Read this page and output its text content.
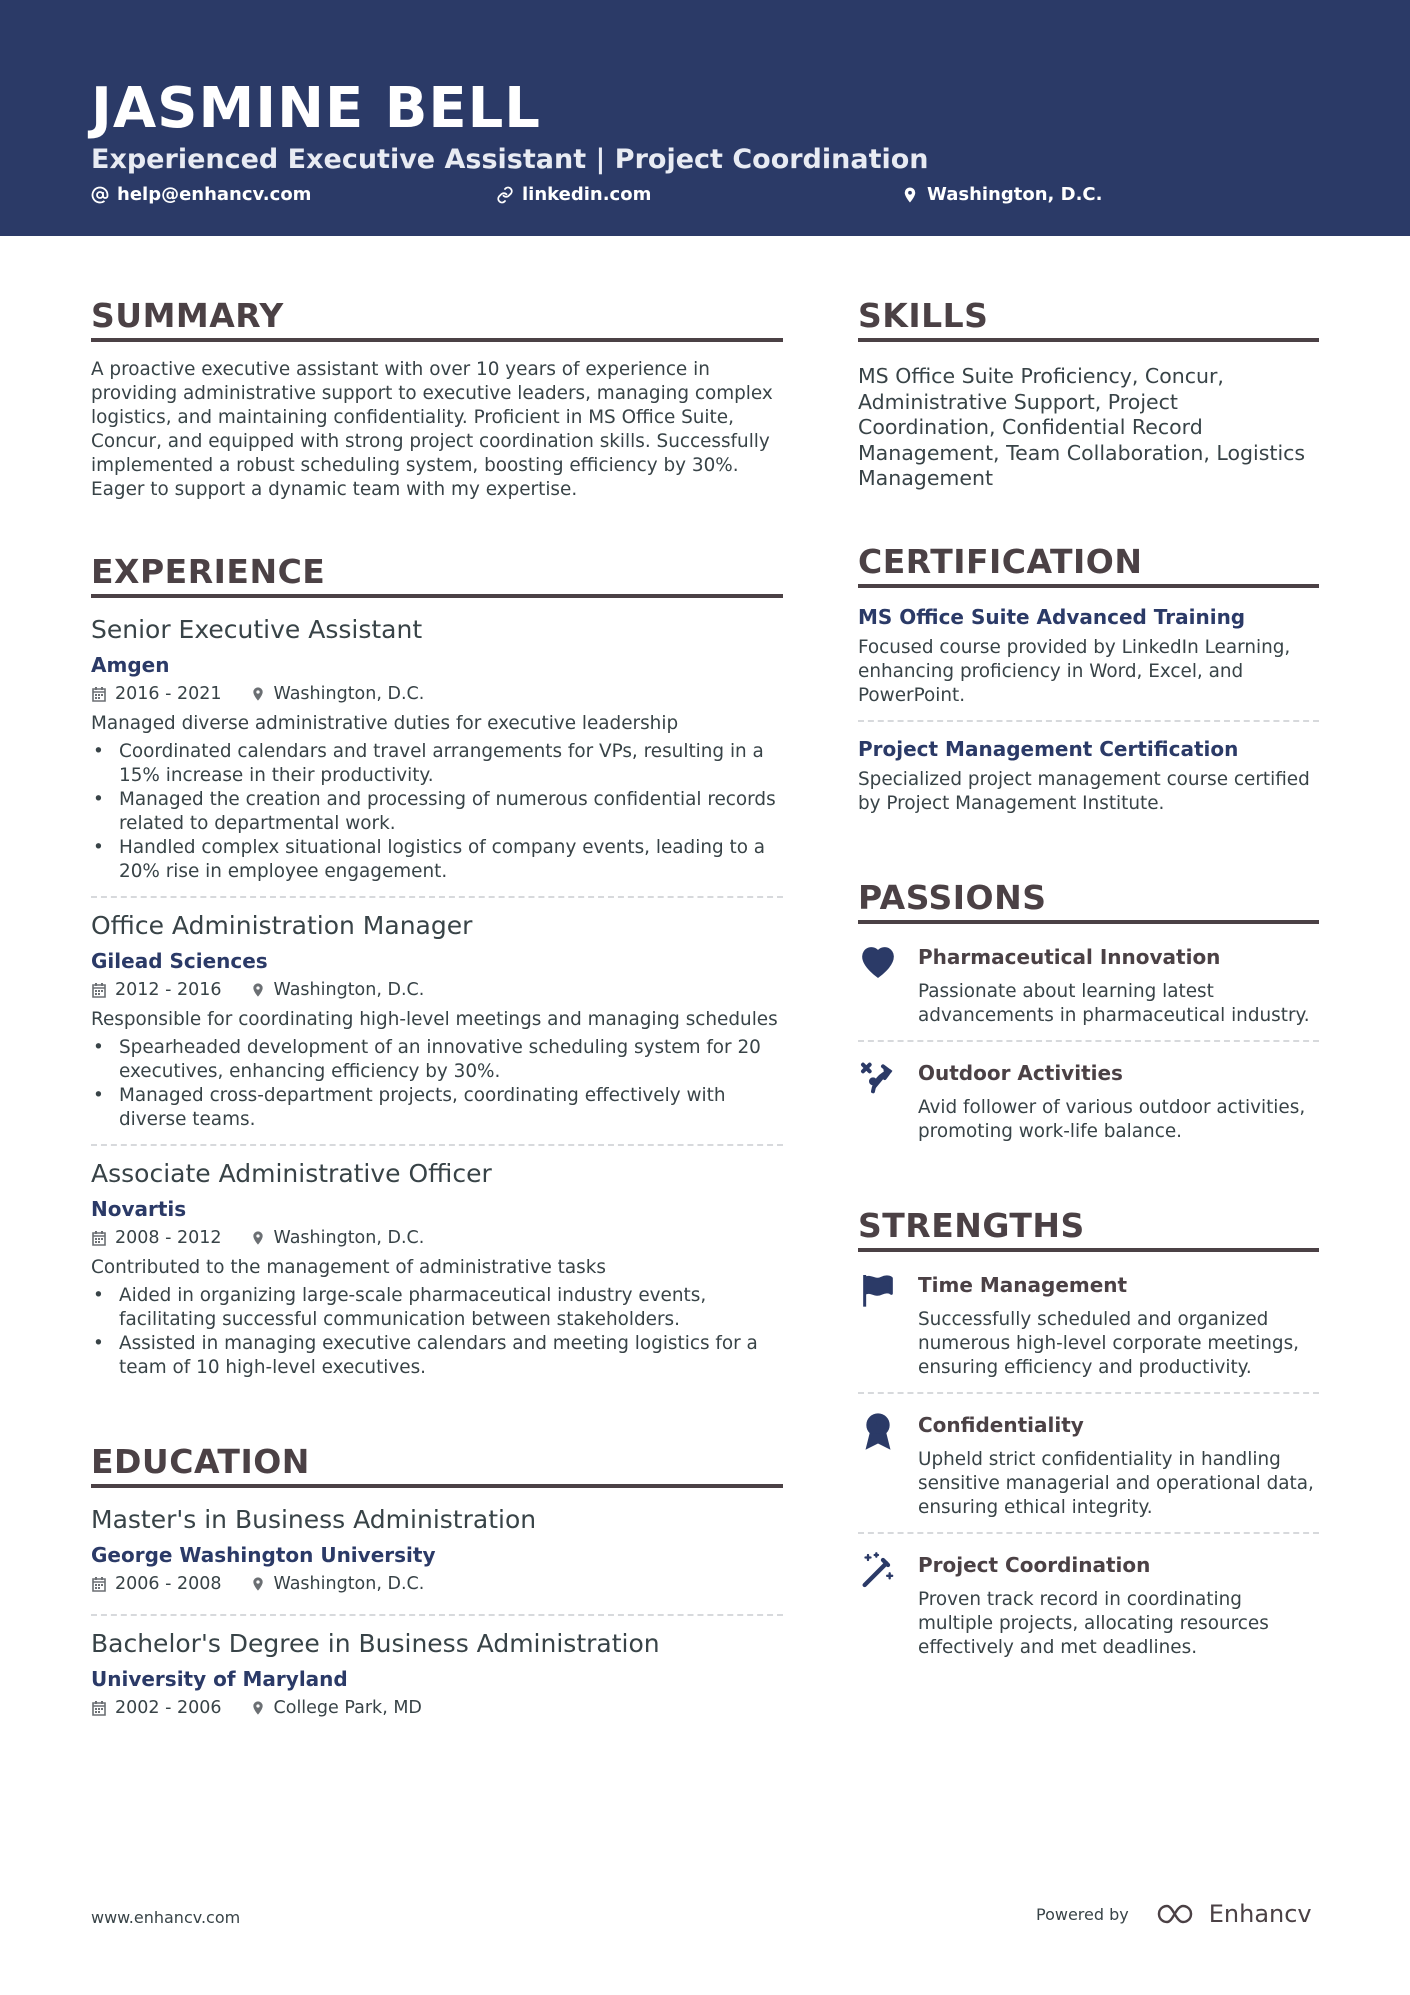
JASMINE BELL
Experienced Executive Assistant | Project Coordination
help@enhancv.com	linkedin.com	Washington, D.C.
SUMMARY
A proactive executive assistant with over 10 years of experience in providing administrative support to executive leaders, managing complex logistics, and maintaining confidentiality. Proficient in MS Office Suite, Concur, and equipped with strong project coordination skills. Successfully implemented a robust scheduling system, boosting efficiency by 30%. Eager to support a dynamic team with my expertise.
EXPERIENCE
Senior Executive Assistant
Amgen
2016 - 2021	Washington, D.C.
Managed diverse administrative duties for executive leadership
• Coordinated calendars and travel arrangements for VPs, resulting in a 15% increase in their productivity.
• Managed the creation and processing of numerous confidential records related to departmental work.
• Handled complex situational logistics of company events, leading to a 20% rise in employee engagement.
Office Administration Manager
Gilead Sciences
2012 - 2016	Washington, D.C.
Responsible for coordinating high-level meetings and managing schedules
• Spearheaded development of an innovative scheduling system for 20 executives, enhancing efficiency by 30%.
• Managed cross-department projects, coordinating effectively with diverse teams.
Associate Administrative Officer
Novartis
2008 - 2012	Washington, D.C.
Contributed to the management of administrative tasks
• Aided in organizing large-scale pharmaceutical industry events, facilitating successful communication between stakeholders.
• Assisted in managing executive calendars and meeting logistics for a team of 10 high-level executives.
EDUCATION
Master's in Business Administration
George Washington University
2006 - 2008	Washington, D.C.
Bachelor's Degree in Business Administration
University of Maryland
2002 - 2006	College Park, MD
SKILLS
MS Office Suite Proficiency, Concur, Administrative Support, Project Coordination, Confidential Record Management, Team Collaboration, Logistics Management
CERTIFICATION
MS Office Suite Advanced Training
Focused course provided by LinkedIn Learning, enhancing proficiency in Word, Excel, and PowerPoint.
Project Management Certification
Specialized project management course certified by Project Management Institute.
PASSIONS
Pharmaceutical Innovation
Passionate about learning latest advancements in pharmaceutical industry.
Outdoor Activities
Avid follower of various outdoor activities, promoting work-life balance.
STRENGTHS
Time Management
Successfully scheduled and organized numerous high-level corporate meetings, ensuring efficiency and productivity.
Confidentiality
Upheld strict confidentiality in handling sensitive managerial and operational data, ensuring ethical integrity.
Project Coordination
Proven track record in coordinating multiple projects, allocating resources effectively and met deadlines.
www.enhancv.com	Powered by	Enhancv
